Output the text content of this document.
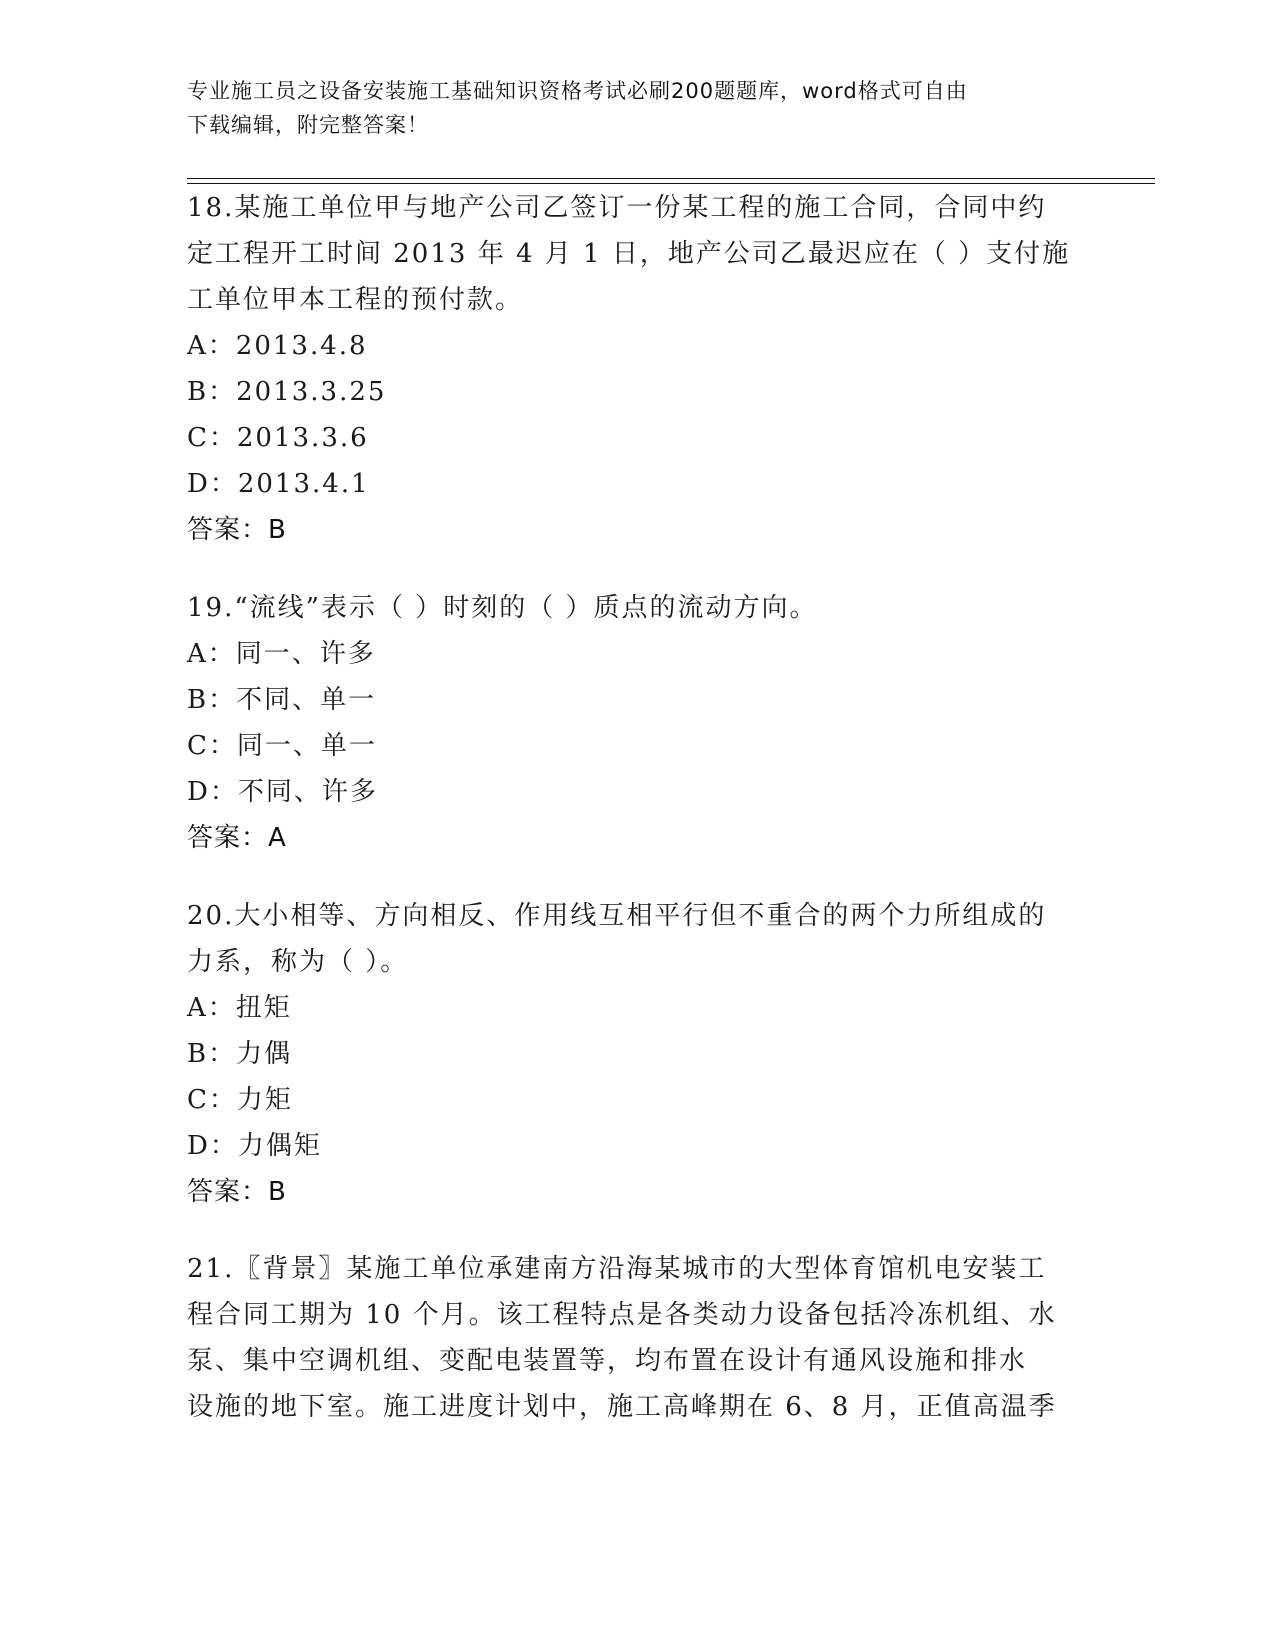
专业施工员之设备安装施工基础知识资格考试必刷200题题库，word格式可自由
下载编辑，附完整答案！

18.某施工单位甲与地产公司乙签订一份某工程的施工合同，合同中约

定工程开工时间 2013 年 4 月 1 日，地产公司乙最迟应在（ ）支付施

工单位甲本工程的预付款。

A：2013.4.8

B：2013.3.25

C：2013.3.6

D：2013.4.1

答案：B

19.“流线”表示（ ）时刻的（ ）质点的流动方向。

A：同一、许多

B：不同、单一

C：同一、单一

D：不同、许多

答案：A

20.大小相等、方向相反、作用线互相平行但不重合的两个力所组成的

力系，称为（ ）。

A：扭矩

B：力偶

C：力矩

D：力偶矩

答案：B

21.〖背景〗某施工单位承建南方沿海某城市的大型体育馆机电安装工

程合同工期为 10 个月。该工程特点是各类动力设备包括冷冻机组、水

泵、集中空调机组、变配电装置等，均布置在设计有通风设施和排水

设施的地下室。施工进度计划中，施工高峰期在 6、8 月，正值高温季
